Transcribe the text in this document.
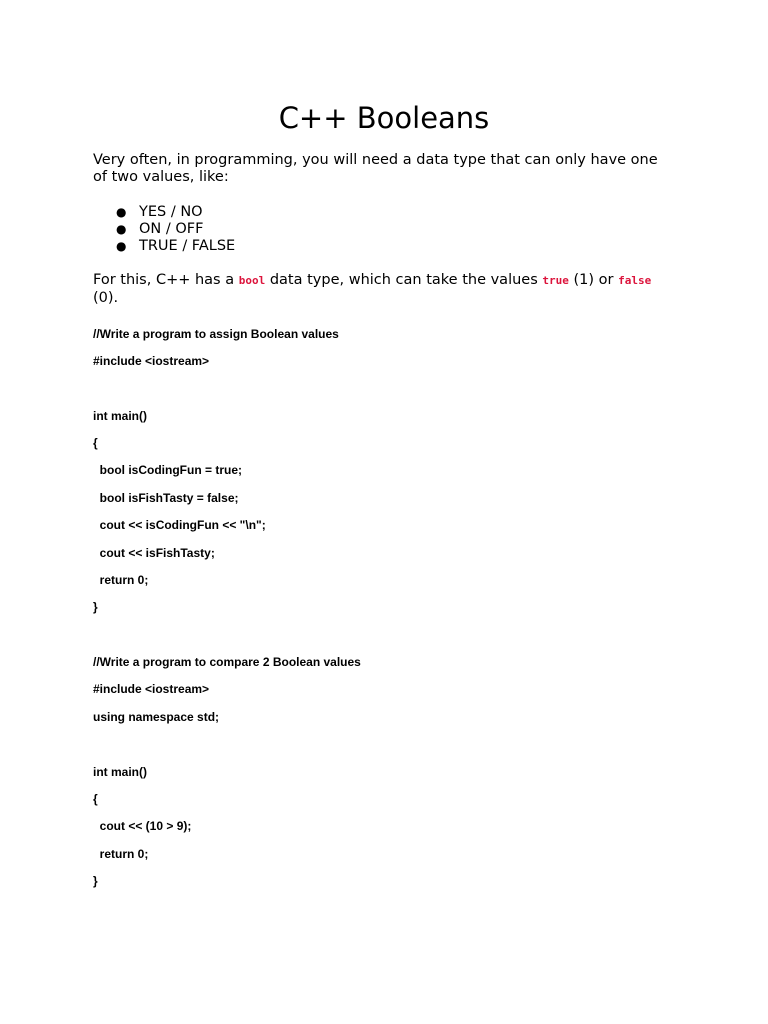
C++ Booleans

Very often, in programming, you will need a data type that can only have one of two values, like:

● YES / NO
● ON / OFF
● TRUE / FALSE

For this, C++ has a bool data type, which can take the values true (1) or false (0).

//Write a program to assign Boolean values

#include <iostream>

int main()

{

bool isCodingFun = true;

bool isFishTasty = false;

cout << isCodingFun << "\n";

cout << isFishTasty;

return 0;

}

//Write a program to compare 2 Boolean values

#include <iostream>

using namespace std;

int main()

{

cout << (10 > 9);

return 0;

}
